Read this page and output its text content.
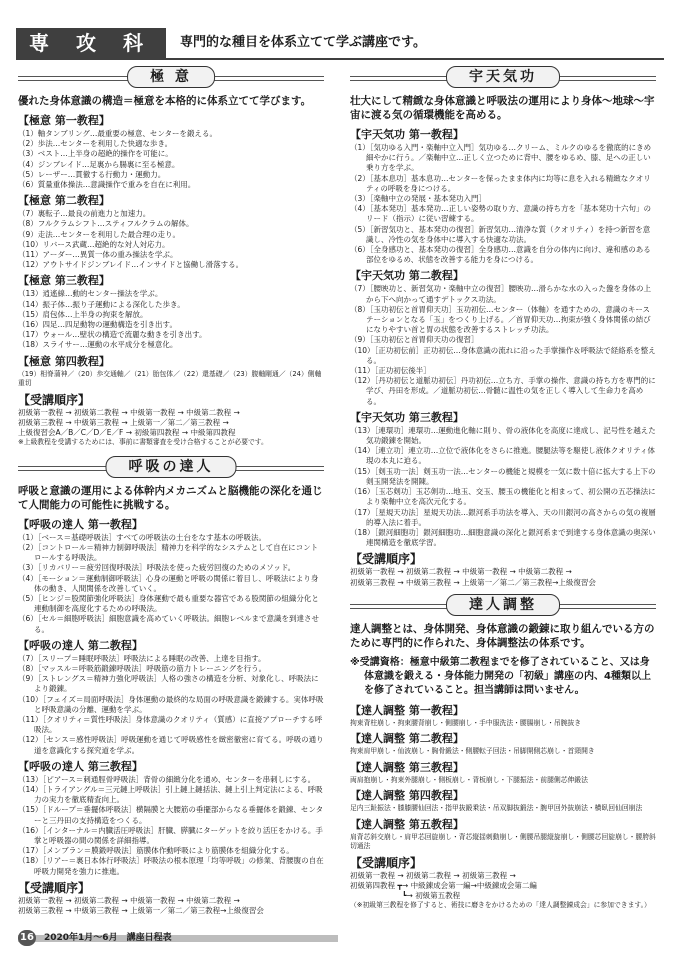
専 攻 科	専門的な種目を体系立てて学ぶ講座です。
極 意
優れた身体意識の構造＝極意を本格的に体系立てて学びます。
【極意 第一教程】
（1）軸タンブリング…最重要の極意、センターを鍛える。
（2）歩法…センターを利用した快適な歩き。
（3）ベスト…上半身の超絶的操作を可能に。
（4）ジンブレイド…足裏から腸裏に至る極意。
（5）レーザー…貫徹する行動力・運動力。
（6）質量重体操法…意識操作で重みを自在に利用。
【極意 第二教程】
（7）裏転子…最良の前進力と加速力。
（8）フルクラムシフト…スティフルクラムの解体。
（9）走法…センターを利用した最合理の走り。
（10）リバース武蔵…超絶的な対人対応力。
（11）アーダー…異質一体の重み操法を学ぶ。
（12）アウトサイドジンブレイド…インサイドと協働し滑落する。
【極意 第三教程】
（13）逍遙線…動的センター操法を学ぶ。
（14）振子体…振り子運動による深化した歩き。
（15）肩包体…上半身の拘束を解放。
（16）四足…四足動物の運動構造を引き出す。
（17）ウォール…壁状の構造で流麗な動きを引き出す。
（18）スライサー…運動の水平成分を極意化。
【極意 第四教程】
（19）相脊蒲神／（20）歩交通軸／（21）胎包体／（22）還基礎／（23）腹軸剛通／（24）側軸重切
【受講順序】
初級第一教程 → 初級第二教程 → 中級第一教程 → 中級第二教程 →
初級第三教程 → 中級第三教程 → 上級第一／第二／第三教程 →
上級復習会A／B／C／D／E／F → 初級第四教程 → 中級第四教程
※上級教程を受講するためには、事前に書類審査を受け合格することが必要です。
呼吸の達人
呼吸と意識の運用による体幹内メカニズムと脳機能の深化を通じて人間能力の可能性に挑戦する。
【呼吸の達人 第一教程】
（1）［ベース＝基礎呼吸法］すべての呼吸法の土台をなす基本の呼吸法。
（2）［コントロール＝精神力制御呼吸法］精神力を科学的なシステムとして自在にコントロールする呼吸法。
（3）［リカバリー＝疲労回復呼吸法］呼吸法を使った疲労回復のためのメソッド。
（4）［モーション＝運動制御呼吸法］心身の運動と呼吸の関係に着目し、呼吸法により身体の動き、人間関係を改善していく。
（5）［ヒンジ＝股関節強化呼吸法］身体運動で最も重要な器官である股関節の組織分化と連動制御を高度化するための呼吸法。
（6）［セル＝細胞呼吸法］細胞意識を高めていく呼吸法。細胞レベルまで意識を到達させる。
【呼吸の達人 第二教程】
（7）［スリープ＝睡眠呼吸法］呼吸法による睡眠の改善、上達を目指す。
（8）［マッスル＝呼吸筋鍛錬呼吸法］呼吸筋の筋力トレーニングを行う。
（9）［ストレングス＝精神力強化呼吸法］人格の強さの構造を分析、対象化し、呼吸法により鍛錬。
（10）［フェイズ＝局面呼吸法］身体運動の最終的な局面の呼吸意識を鍛錬する。実体呼吸と呼吸意識の分離、運動を学ぶ。
（11）［クオリティ＝質性呼吸法］身体意識のクオリティ（質感）に直接アプローチする呼吸法。
（12）［センス＝感性呼吸法］呼吸運動を通じて呼吸感性を緻密徹密に育てる。呼吸の通り道を意識化する探究道を学ぶ。
【呼吸の達人 第三教程】
（13）［ピアース＝刺通脛骨呼吸法］背骨の細緻分化を通め、センターを串刺しにする。
（14）［トライアングル＝三元鏈上呼吸法］引上鏈上鏈括法、鏈上引上判定法による、呼吸力の実力を徹底精査向上。
（15）［ドループ＝垂擺体呼吸法］横隔膜と大腰筋の垂擺部からなる垂擺体を鍛錬、センターと三丹田の支持構造をつくる。
（16）［インターナル＝内臓活圧呼吸法］肝臓、膵臓にターゲットを絞り活圧をかける。手掌と呼吸器の間の関係を詳細指導。
（17）［メンブラン＝膜鍛呼吸法］筋膜体作動呼吸により筋膜体を組織分化する。
（18）［リアー＝裏日本体行呼吸法］呼吸法の根本原理「均等呼吸」の修業、背腰腹の自在呼吸力開発を強力に推進。
【受講順序】
初級第一教程 → 初級第二教程 → 中級第一教程 → 中級第二教程 →
初級第三教程 → 中級第三教程 → 上級第一／第二／第三教程→上級復習会
宇天気功
壮大にして精緻な身体意識と呼吸法の運用により身体〜地球〜宇宙に渡る気の循環機能を高める。
【宇天気功 第一教程】
（1）［気功ゆる入門・楽軸中立入門］気功ゆる…クリーム、ミルクのゆるを徹底的にきめ細やかに行う。／楽軸中立…正しく立つために背中、腰をゆるめ、膝、足への正しい乗り方を学ぶ。
（2）［基本息功］基本息功…センターを保ったまま体内に均等に息を入れる精緻なクオリティの呼吸を身につける。
（3）［楽軸中立の発展・基本発功入門］
（4）［基本発功］基本発功…正しい姿勢の取り方、意識の持ち方を「基本発功十六句」のリード（指示）に従い習練する。
（5）［新習気功と、基本発功の復習］新習気功…清浄な質（クオリティ）を持つ新習を意識し、冷性の気を身体中に導入する快適な功法。
（6）［全身感功と、基本発功の復習］全身感功…意識を自分の体内に向け、違和感のある部位をゆるめ、状態を改善する能力を身につける。
【宇天気功 第二教程】
（7）［腰映功と、新習気功・楽軸中立の復習］腰映功…滑らかな水の入った盤を身体の上から下へ向かって通すデトックス功法。
（8）［玉功初伝と首胃仰天功］玉功初伝…センター（体軸）を通すための、意識のキーステーションとなる「玉」をつくり上げる。／首胃仰天功…拘束が強く身体関係の結びになりやすい首と胃の状態を改善するストレッチ功法。
（9）［玉功初伝と首胃仰天功の復習］
（10）［正功初伝前］正功初伝…身体意識の流れに沿った手掌操作＆呼吸法で経絡系を整える。
（11）［正功初伝後半］
（12）［丹功初伝と道脈功初伝］丹功初伝…立ち方、手掌の操作、意識の持ち方を専門的に学び、丹田を形成。／道脈功初伝…骨髄に温性の気を正しく導入して生命力を高める。
【宇天気功 第三教程】
（13）［連環功］連環功…運動進化軸に則り、骨の液体化を高度に達成し、記号性を越えた気功鍛錬を開始。
（14）［連立功］連立功…立位で液体化をさらに推進。腰腿法等を駆使し液体クオリティ体現の本丸に迫る。
（15）［剣玉功一法］剣玉功一法…センターの機能と規模を一気に数十倍に拡大する上下の剣玉開発法を開陳。
（16）［玉芯剣功］玉芯剣功…地玉、交玉、腰玉の機能化と相まって、初公開の五芯操法により楽軸中立を高次元化する。
（17）［星規天功法］星規天功法…銀河系手功法を導入、天の川銀河の高さからの気の複層的導入法に着手。
（18）［銀河細胞功］銀河細胞功…細胞意識の深化と銀河系まで到達する身体意識の奥深い連関構造を徹底学習。
【受講順序】
初級第一教程 → 初級第二教程 → 中級第一教程 → 中級第二教程 →
初級第三教程 → 中級第三教程 → 上級第一／第二／第三教程→上級復習会
達人調整
達人調整とは、身体開発、身体意識の鍛錬に取り組んでいる方のために専門的に作られた、身体調整法の体系です。
※受講資格：極意中級第二教程までを修了されていること、又は身体意識を鍛える・身体能力開発の「初級」講座の内、4種類以上を修了されていること。担当講師は問いません。
【達人調整 第一教程】
拘束背柱崩し・拘束腰背崩し・側腰崩し・手中服洗法・腰腸崩し・吊腕抜き
【達人調整 第二教程】
拘束肩甲崩し・仙波崩し・胸骨鍛法・側腰転子回法・吊脚開側芯崩し・首頸開き
【達人調整 第三教程】
両肩抱崩し・拘束外腿崩し・側板崩し・背板崩し・下腿振法・前腿側芯伸鍛法
【達人調整 第四教程】
足内三趾振法・膝膝腰仙回法・指甲抜鍛乗法・吊双脚抜鍛法・腕甲回外抜崩法・横臥回仙回崩法
【達人調整 第五教程】
肩背芯斜交崩し・肩甲芯回旋崩し・背芯縦揺刺動崩し・側腰吊腿縦旋崩し・側腰芯回旋崩し・腰胯斜切通法
【受講順序】
初級第一教程 → 初級第二教程 → 初級第三教程 →
初級第四教程 ┳→ 中級錬成会第一編→中級錬成会第二編
┗→ 初級第五教程
（※初級第三教程を修了すると、術技に磨きをかけるための「達人調整錬成会」に参加できます。）
16 2020年1月〜6月　講座日程表
